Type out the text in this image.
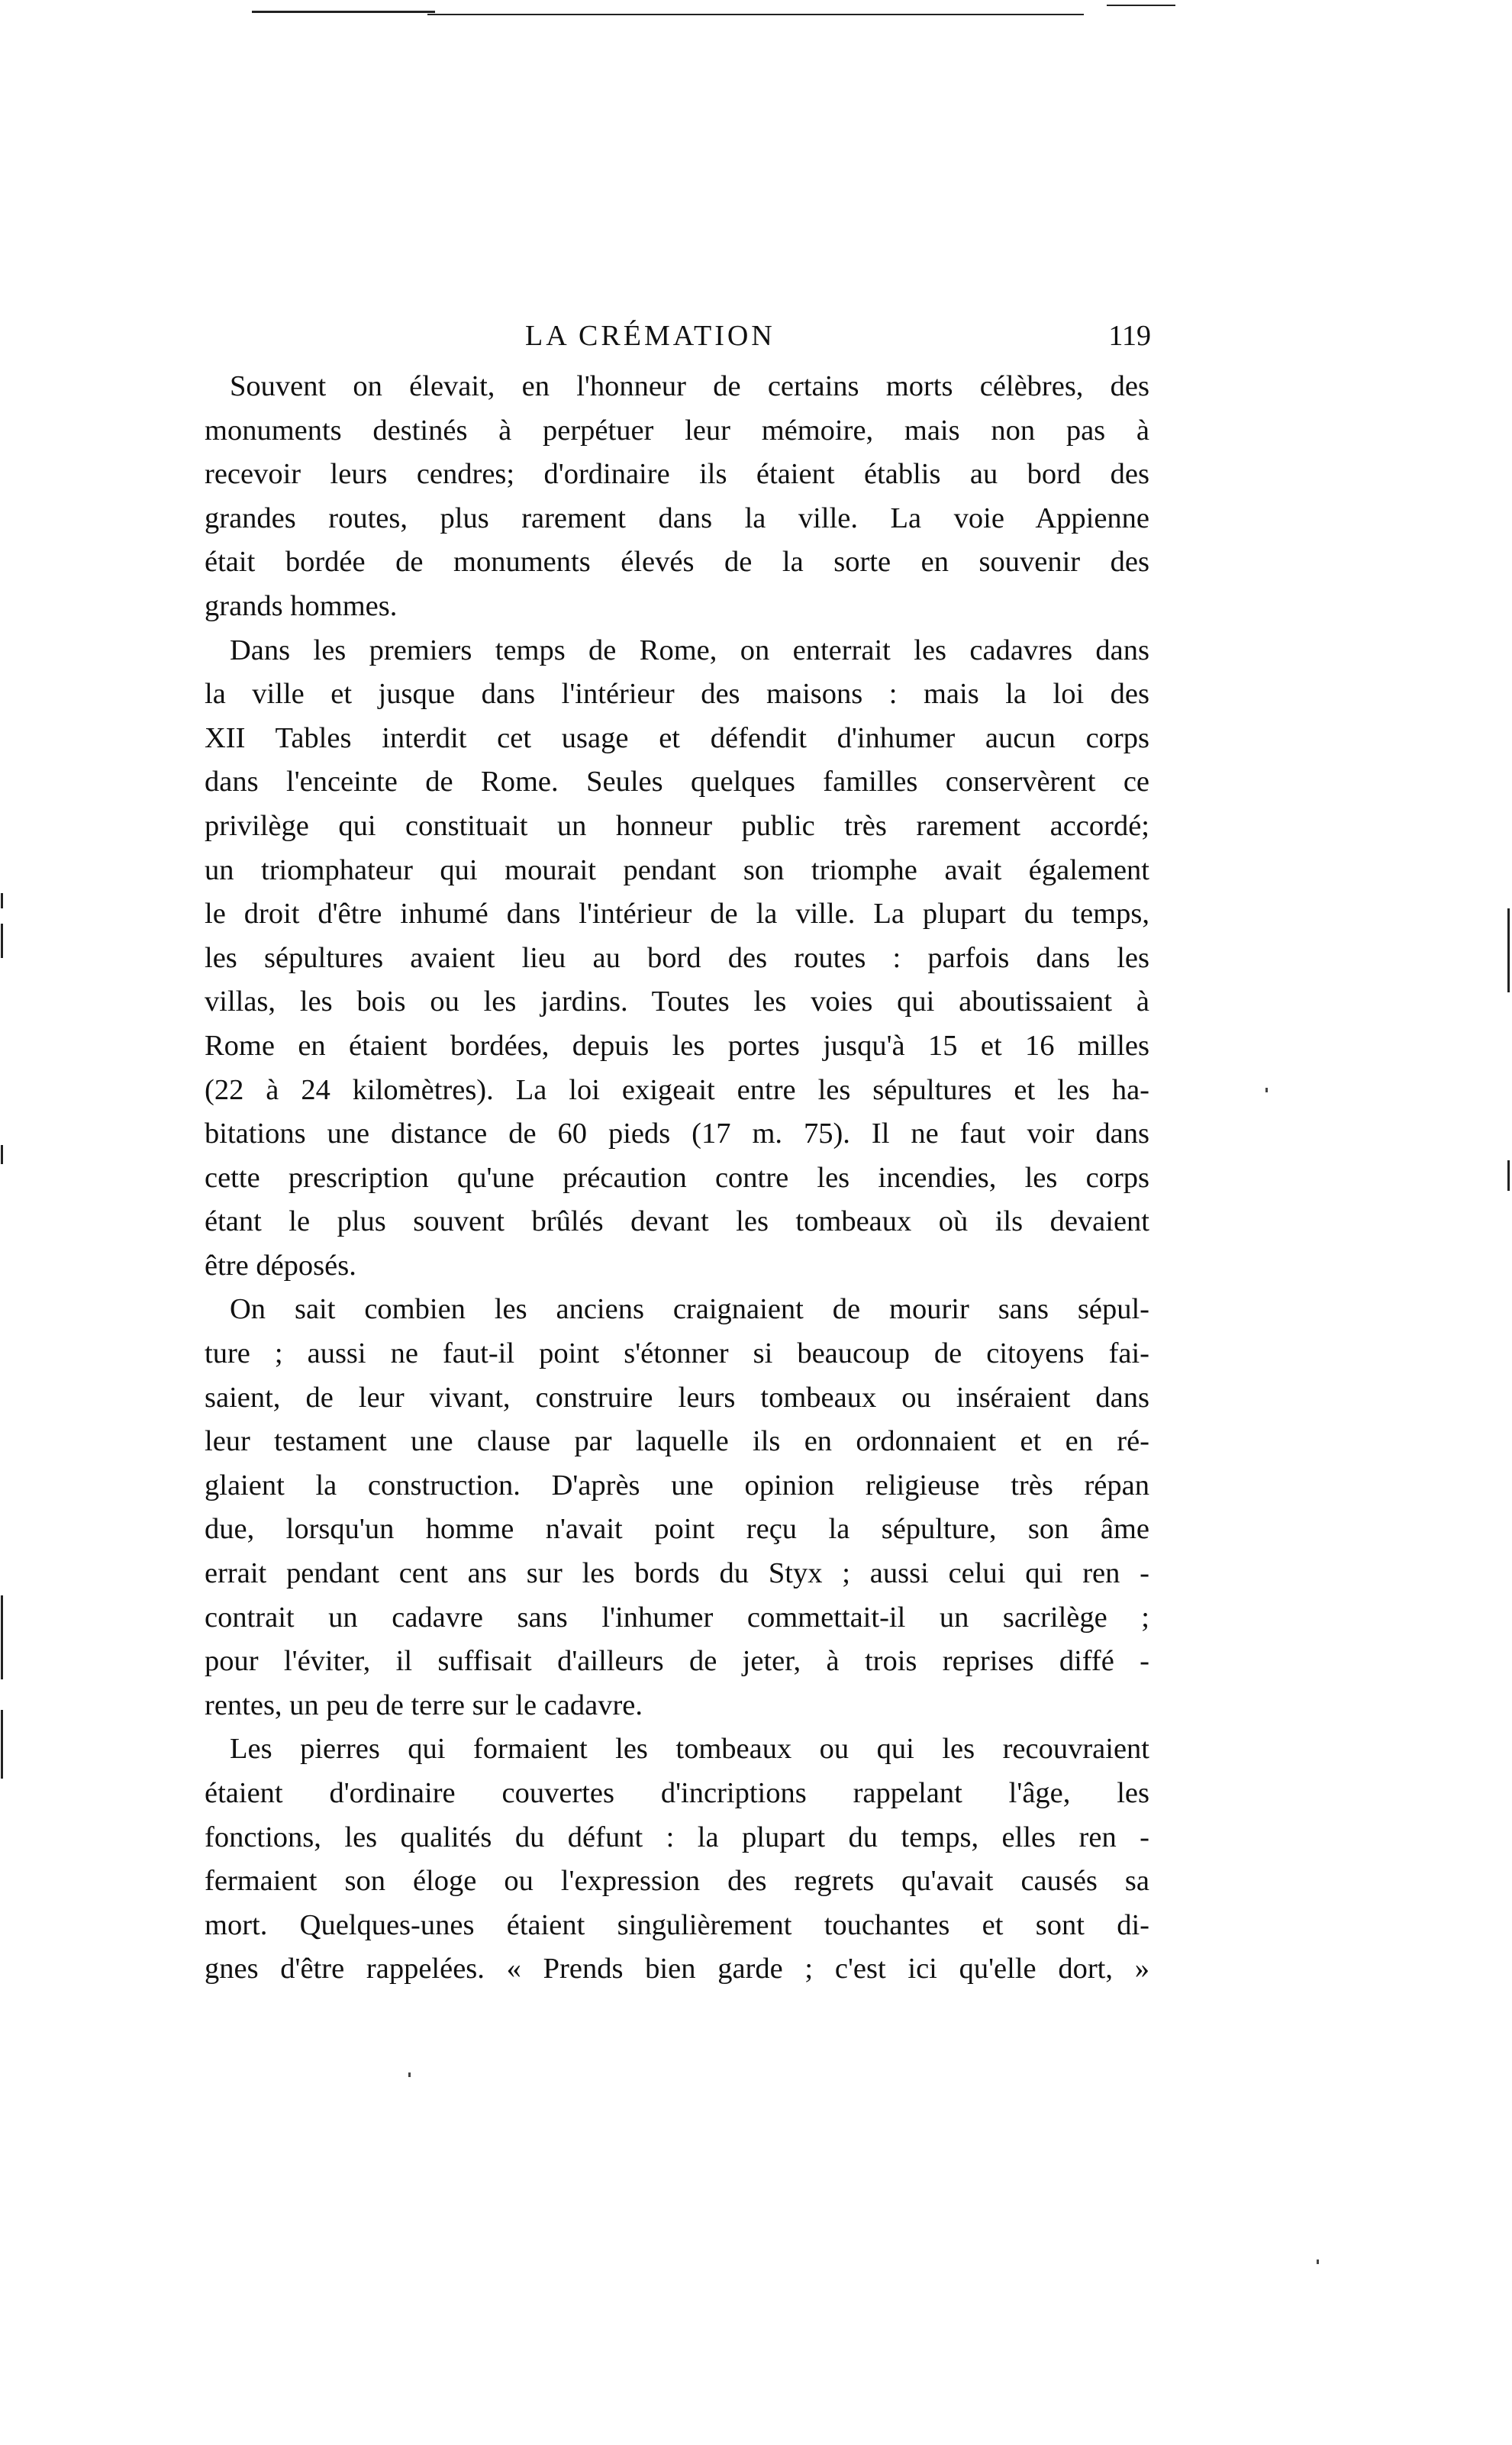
LA CRÉMATION	119
Souvent on élevait, en l'honneur de certains morts célèbres, des
monuments destinés à perpétuer leur mémoire, mais non pas à
recevoir leurs cendres; d'ordinaire ils étaient établis au bord des
grandes routes, plus rarement dans la ville. La voie Appienne
était bordée de monuments élevés de la sorte en souvenir des
grands hommes.
Dans les premiers temps de Rome, on enterrait les cadavres dans
la ville et jusque dans l'intérieur des maisons : mais la loi des
XII Tables interdit cet usage et défendit d'inhumer aucun corps
dans l'enceinte de Rome. Seules quelques familles conservèrent ce
privilège qui constituait un honneur public très rarement accordé;
un triomphateur qui mourait pendant son triomphe avait également
le droit d'être inhumé dans l'intérieur de la ville. La plupart du temps,
les sépultures avaient lieu au bord des routes : parfois dans les
villas, les bois ou les jardins. Toutes les voies qui aboutissaient à
Rome en étaient bordées, depuis les portes jusqu'à 15 et 16 milles
(22 à 24 kilomètres). La loi exigeait entre les sépultures et les ha-
bitations une distance de 60 pieds (17 m. 75). Il ne faut voir dans
cette prescription qu'une précaution contre les incendies, les corps
étant le plus souvent brûlés devant les tombeaux où ils devaient
être déposés.
On sait combien les anciens craignaient de mourir sans sépul-
ture ; aussi ne faut-il point s'étonner si beaucoup de citoyens fai-
saient, de leur vivant, construire leurs tombeaux ou inséraient dans
leur testament une clause par laquelle ils en ordonnaient et en ré-
glaient la construction. D'après une opinion religieuse très répan
due, lorsqu'un homme n'avait point reçu la sépulture, son âme
errait pendant cent ans sur les bords du Styx ; aussi celui qui ren -
contrait un cadavre sans l'inhumer commettait-il un sacrilège ;
pour l'éviter, il suffisait d'ailleurs de jeter, à trois reprises diffé -
rentes, un peu de terre sur le cadavre.
Les pierres qui formaient les tombeaux ou qui les recouvraient
étaient d'ordinaire couvertes d'incriptions rappelant l'âge, les
fonctions, les qualités du défunt : la plupart du temps, elles ren -
fermaient son éloge ou l'expression des regrets qu'avait causés sa
mort. Quelques-unes étaient singulièrement touchantes et sont di-
gnes d'être rappelées. « Prends bien garde ; c'est ici qu'elle dort, »
